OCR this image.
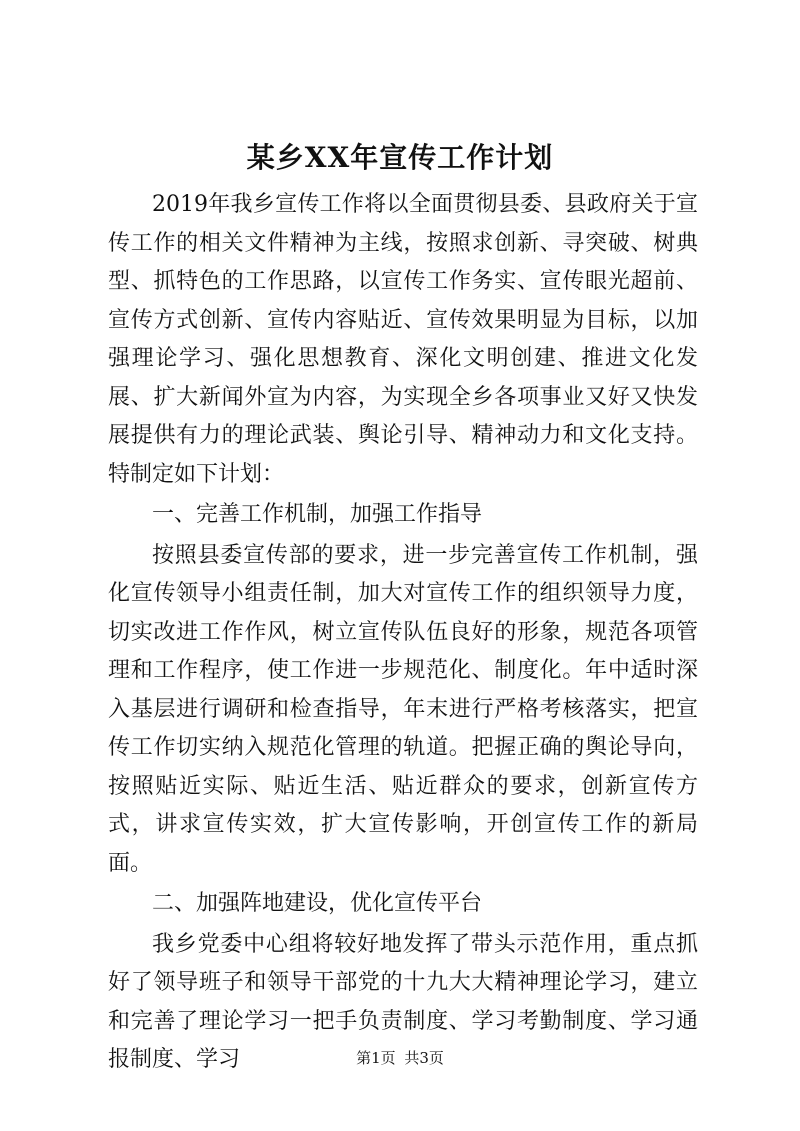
某乡XX年宣传工作计划

2019年我乡宣传工作将以全面贯彻县委、县政府关于宣传工作的相关文件精神为主线，按照求创新、寻突破、树典型、抓特色的工作思路，以宣传工作务实、宣传眼光超前、宣传方式创新、宣传内容贴近、宣传效果明显为目标，以加强理论学习、强化思想教育、深化文明创建、推进文化发展、扩大新闻外宣为内容，为实现全乡各项事业又好又快发展提供有力的理论武装、舆论引导、精神动力和文化支持。特制定如下计划：

一、完善工作机制，加强工作指导

按照县委宣传部的要求，进一步完善宣传工作机制，强化宣传领导小组责任制，加大对宣传工作的组织领导力度，切实改进工作作风，树立宣传队伍良好的形象，规范各项管理和工作程序，使工作进一步规范化、制度化。年中适时深入基层进行调研和检查指导，年末进行严格考核落实，把宣传工作切实纳入规范化管理的轨道。把握正确的舆论导向，按照贴近实际、贴近生活、贴近群众的要求，创新宣传方式，讲求宣传实效，扩大宣传影响，开创宣传工作的新局面。

二、加强阵地建设，优化宣传平台

我乡党委中心组将较好地发挥了带头示范作用，重点抓好了领导班子和领导干部党的十九大大精神理论学习，建立和完善了理论学习一把手负责制度、学习考勤制度、学习通报制度、学习	第1页 共3页
